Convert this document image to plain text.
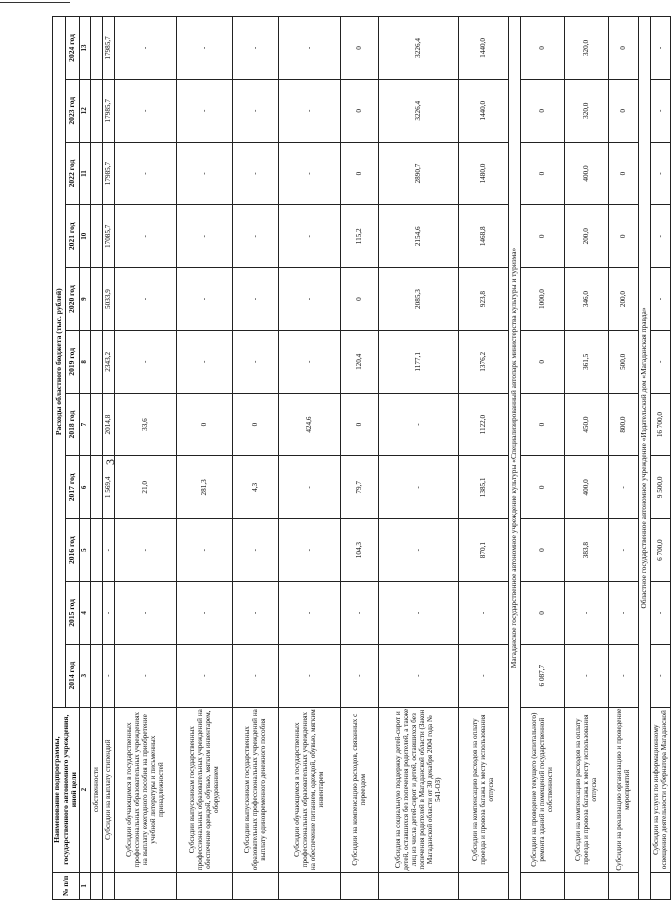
3
№ п/п	Наименование подпрограммы, государственного автономного учреждения, иной цели	Расходы областного бюджета (тыс. рублей)										
		2014 год	2015 год	2016 год	2017 год	2018 год	2019 год	2020 год	2021 год	2022 год	2023 год	2024 год
1	2	3	4	5	6	7	8	9	10	11	12	13
	собственности											
	Субсидии на выплату стипендий	-	-	-	1 569,4	2014,8	2343,2	5033,9	17085,7	17985,7	17985,7	17985,7
	Субсидии обучающимся в государственных профессиональных образовательных учреждениях на выплату ежегодного пособия на приобретение учебной литературы и письменных принадлежностей	-	-	-	21,0	33,6	-	-	-	-	-	-
	Субсидии выпускникам государственных профессиональных образовательных учреждений на обеспечение одеждой, обувью, мягким инвентарем, оборудованием	-	-	-	281,3	0	-	-	-	-	-	-
	Субсидии выпускникам государственных образовательных профессиональных учреждений на выплату единовременного денежного пособия	-	-	-	4,3	0	-	-	-	-	-	-
	Субсидии обучающимся в государственных профессиональных образовательных учреждениях на обеспечение питанием, одеждой, обувью, мягким инвентарем	-	-	-	-	424,6	-	-	-	-	-	-
	Субсидии на компенсацию расходов, связанных с переездом	-	-	104,3	79,7	0	120,4	0	115,2	0	0	0
	Субсидия на социальную поддержку детей-сирот и детей, оставшихся без попечения родителей, а также лиц из числа детей-сирот и детей, оставшихся без попечения родителей в Магаданской области (Закон Магаданской области от 30 декабря 2004 года № 541-ОЗ)	-	-	-	-	-	1177,1	2085,3	2154,6	2890,7	3226,4	3226,4
	Субсидии на компенсацию расходов на оплату проезда и провоза багажа к месту использования отпуска	-	-	870,1	1385,1	1122,0	1376,2	923,8	1468,8	1480,0	1440,0	1440,0
Магаданское государственное автономное учреждение культуры «Специализированный автопарк министерства культуры и туризма»												
	Субсидии на проведение текущего (капитального) ремонта зданий и помещений государственной собственности	6 087,7	0	0	0	0	0	1000,0	0	0	0	0
	Субсидии на компенсацию расходов на оплату проезда и провоза багажа к месту использования отпуска	-	-	383,8	400,0	450,0	361,5	346,0	200,0	400,0	320,0	320,0
	Субсидии на реализацию организацию и проведение мероприятий	-	-	-	-	800,0	500,0	200,0	0	0	0	0
Областное государственное автономное учреждение «Издательский дом «Магаданская правда»												
	Субсидии на услуги по информационному освещению деятельности губернатора Магаданской	-	-	6 700,0	9 500,0	16 700,0	-	-	-	-	-	-
